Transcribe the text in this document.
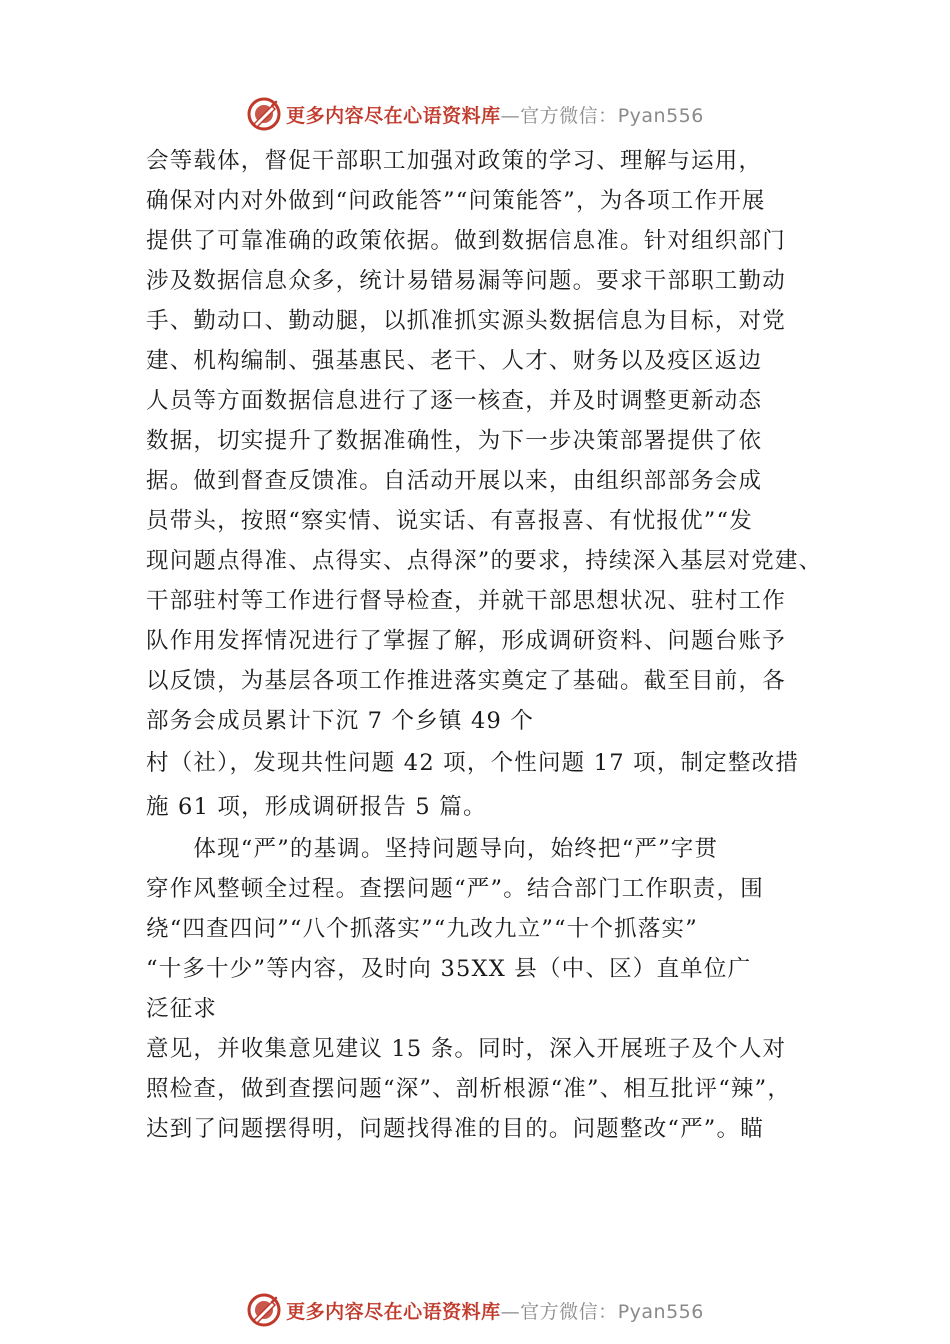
更多内容尽在心语资料库—官方微信：Pyan556
会等载体，督促干部职工加强对政策的学习、理解与运用，
确保对内对外做到“问政能答”“问策能答”，为各项工作开展
提供了可靠准确的政策依据。做到数据信息准。针对组织部门
涉及数据信息众多，统计易错易漏等问题。要求干部职工勤动
手、勤动口、勤动腿，以抓准抓实源头数据信息为目标，对党
建、机构编制、强基惠民、老干、人才、财务以及疫区返边
人员等方面数据信息进行了逐一核查，并及时调整更新动态
数据，切实提升了数据准确性，为下一步决策部署提供了依
据。做到督查反馈准。自活动开展以来，由组织部部务会成
员带头，按照“察实情、说实话、有喜报喜、有忧报优”“发
现问题点得准、点得实、点得深”的要求，持续深入基层对党建、
干部驻村等工作进行督导检查，并就干部思想状况、驻村工作
队作用发挥情况进行了掌握了解，形成调研资料、问题台账予
以反馈，为基层各项工作推进落实奠定了基础。截至目前，各
部务会成员累计下沉 7 个乡镇 49 个
村（社），发现共性问题 42 项，个性问题 17 项，制定整改措
施 61 项，形成调研报告 5 篇。
　　体现“严”的基调。坚持问题导向，始终把“严”字贯
穿作风整顿全过程。查摆问题“严”。结合部门工作职责，围
绕“四查四问”“八个抓落实”“九改九立”“十个抓落实”
“十多十少”等内容，及时向 35XX 县（中、区）直单位广
泛征求
意见，并收集意见建议 15 条。同时，深入开展班子及个人对
照检查，做到查摆问题“深”、剖析根源“准”、相互批评“辣”，
达到了问题摆得明，问题找得准的目的。问题整改“严”。瞄
更多内容尽在心语资料库—官方微信：Pyan556
